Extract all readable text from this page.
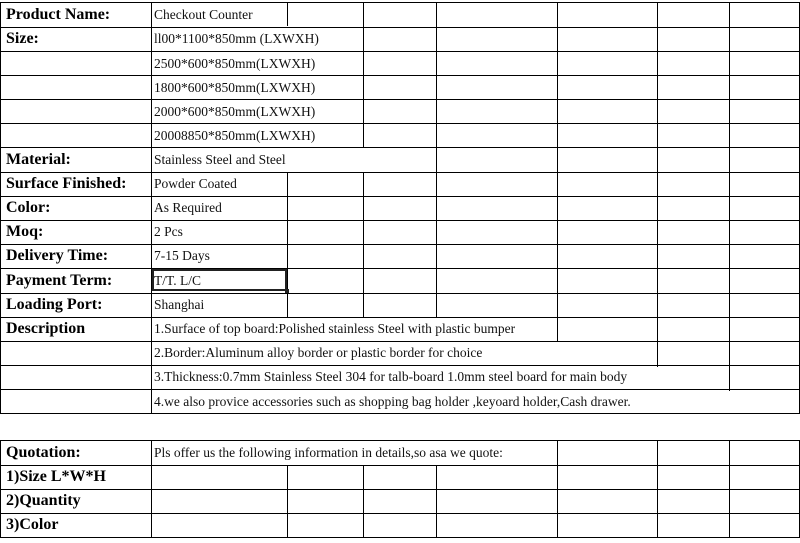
Product Name:
Size:
Material:
Surface Finished:
Color:
Moq:
Delivery Time:
Payment Term:
Loading Port:
Description
Checkout Counter
ll00*1100*850mm (LXWXH)
2500*600*850mm(LXWXH)
1800*600*850mm(LXWXH)
2000*600*850mm(LXWXH)
20008850*850mm(LXWXH)
Stainless Steel and Steel
Powder Coated
As Required
2 Pcs
7-15 Days
T/T. L/C
Shanghai
1.Surface of top board:Polished stainless Steel with plastic bumper
2.Border:Aluminum alloy border or plastic border for choice
3.Thickness:0.7mm Stainless Steel 304 for talb-board 1.0mm steel board for main body
4.we also provice accessories such as shopping bag holder ,keyoard holder,Cash drawer.
Quotation:	Pls offer us the following information in details,so asa we quote:
1)Size L*W*H
2)Quantity
3)Color
